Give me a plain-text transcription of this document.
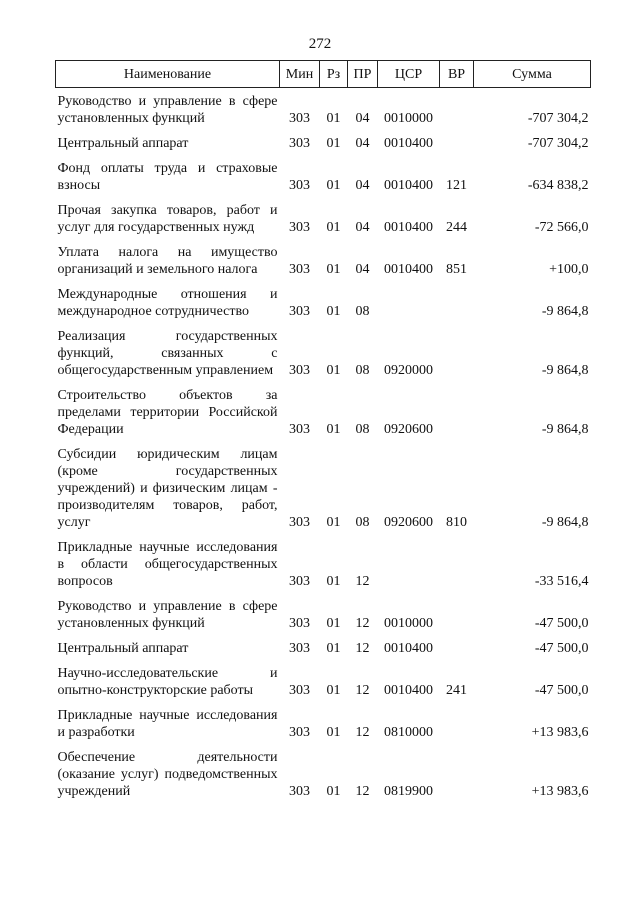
272
Наименование	Мин	Рз	ПР	ЦСР	ВР	Сумма
Руководство и управление в сфере установленных функций	303	01	04	0010000		-707 304,2
Центральный аппарат	303	01	04	0010400		-707 304,2
Фонд оплаты труда и страховые взносы	303	01	04	0010400	121	-634 838,2
Прочая закупка товаров, работ и услуг для государственных нужд	303	01	04	0010400	244	-72 566,0
Уплата налога на имущество организаций и земельного налога	303	01	04	0010400	851	+100,0
Международные отношения и международное сотрудничество	303	01	08			-9 864,8
Реализация государственных функций, связанных с общегосударственным управлением	303	01	08	0920000		-9 864,8
Строительство объектов за пределами территории Российской Федерации	303	01	08	0920600		-9 864,8
Субсидии юридическим лицам (кроме государственных учреждений) и физическим лицам - производителям товаров, работ, услуг	303	01	08	0920600	810	-9 864,8
Прикладные научные исследования в области общегосударственных вопросов	303	01	12			-33 516,4
Руководство и управление в сфере установленных функций	303	01	12	0010000		-47 500,0
Центральный аппарат	303	01	12	0010400		-47 500,0
Научно-исследовательские и опытно-конструкторские работы	303	01	12	0010400	241	-47 500,0
Прикладные научные исследования и разработки	303	01	12	0810000		+13 983,6
Обеспечение деятельности (оказание услуг) подведомственных учреждений	303	01	12	0819900		+13 983,6
